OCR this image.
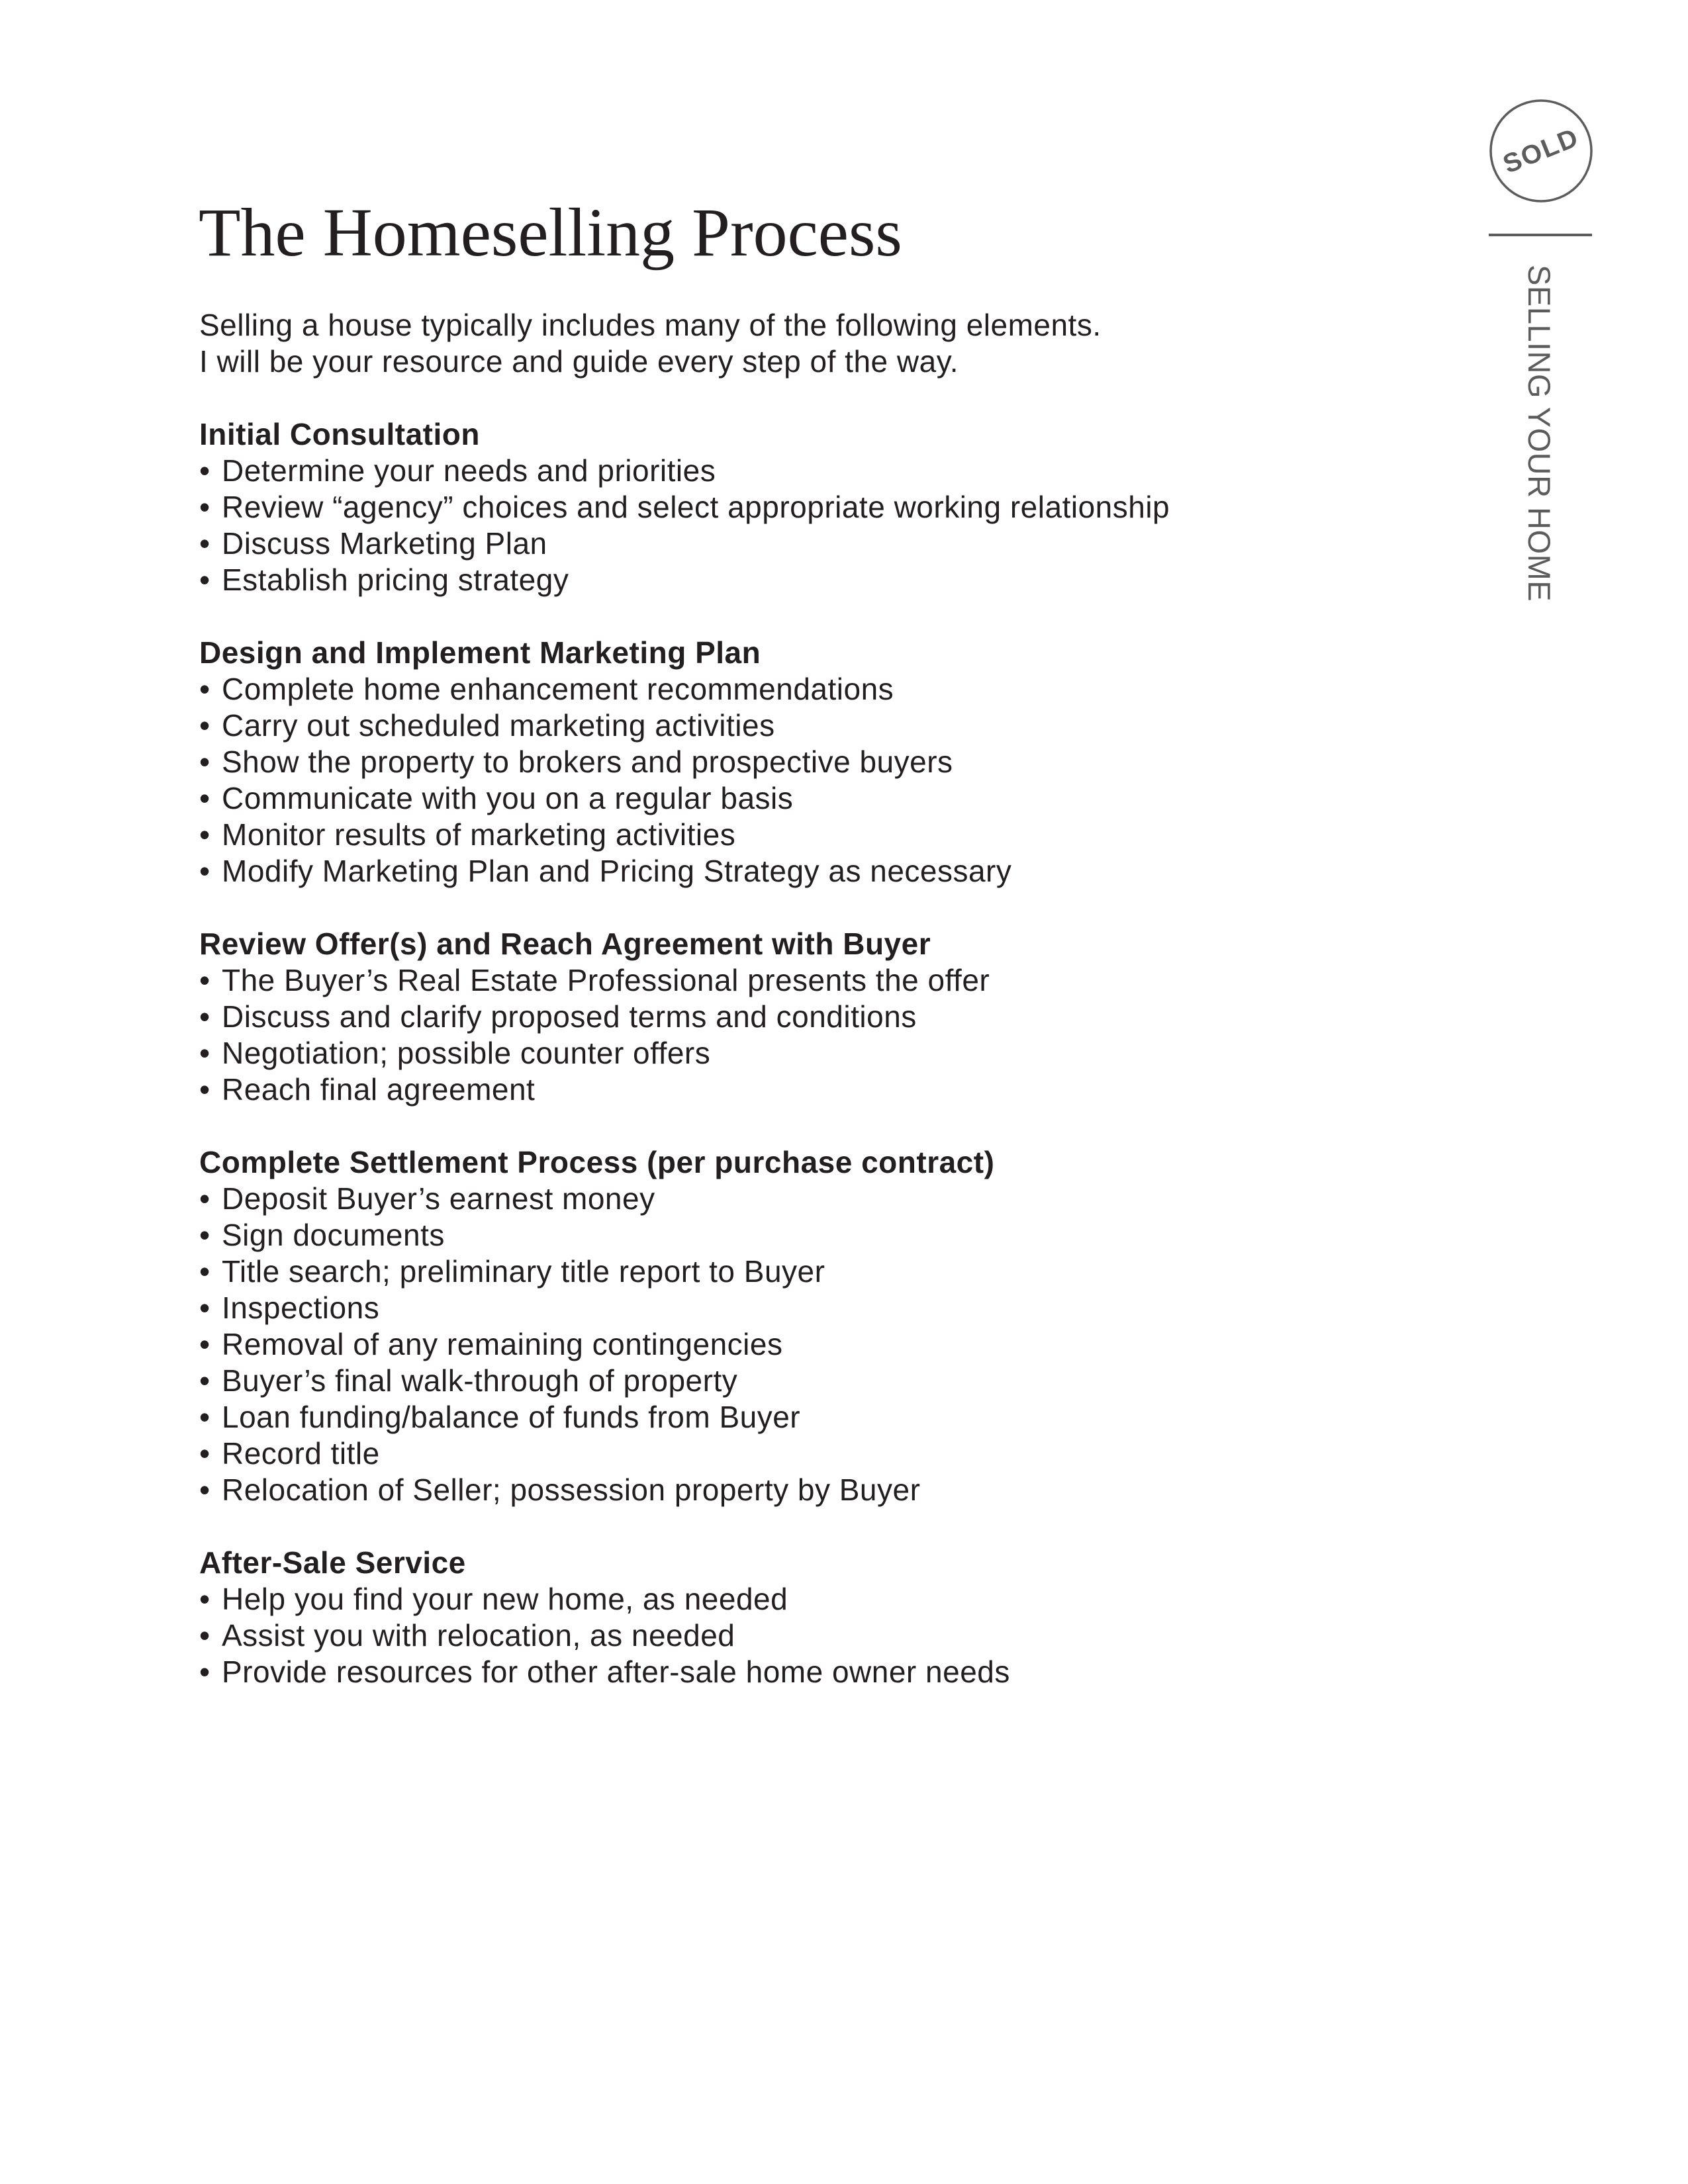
The Homeselling Process

Selling a house typically includes many of the following elements.

I will be your resource and guide every step of the way.

Initial Consultation

• Determine your needs and priorities
• Review “agency” choices and select appropriate working relationship
• Discuss Marketing Plan
• Establish pricing strategy

Design and Implement Marketing Plan

• Complete home enhancement recommendations
• Carry out scheduled marketing activities
• Show the property to brokers and prospective buyers
• Communicate with you on a regular basis
• Monitor results of marketing activities
• Modify Marketing Plan and Pricing Strategy as necessary

Review Offer(s) and Reach Agreement with Buyer

• The Buyer’s Real Estate Professional presents the offer
• Discuss and clarify proposed terms and conditions
• Negotiation; possible counter offers
• Reach final agreement

Complete Settlement Process (per purchase contract)

• Deposit Buyer’s earnest money
• Sign documents
• Title search; preliminary title report to Buyer
• Inspections
• Removal of any remaining contingencies
• Buyer’s final walk-through of property
• Loan funding/balance of funds from Buyer
• Record title
• Relocation of Seller; possession property by Buyer

After-Sale Service

• Help you find your new home, as needed
• Assist you with relocation, as needed
• Provide resources for other after-sale home owner needs
SOLD
SELLING YOUR HOME
